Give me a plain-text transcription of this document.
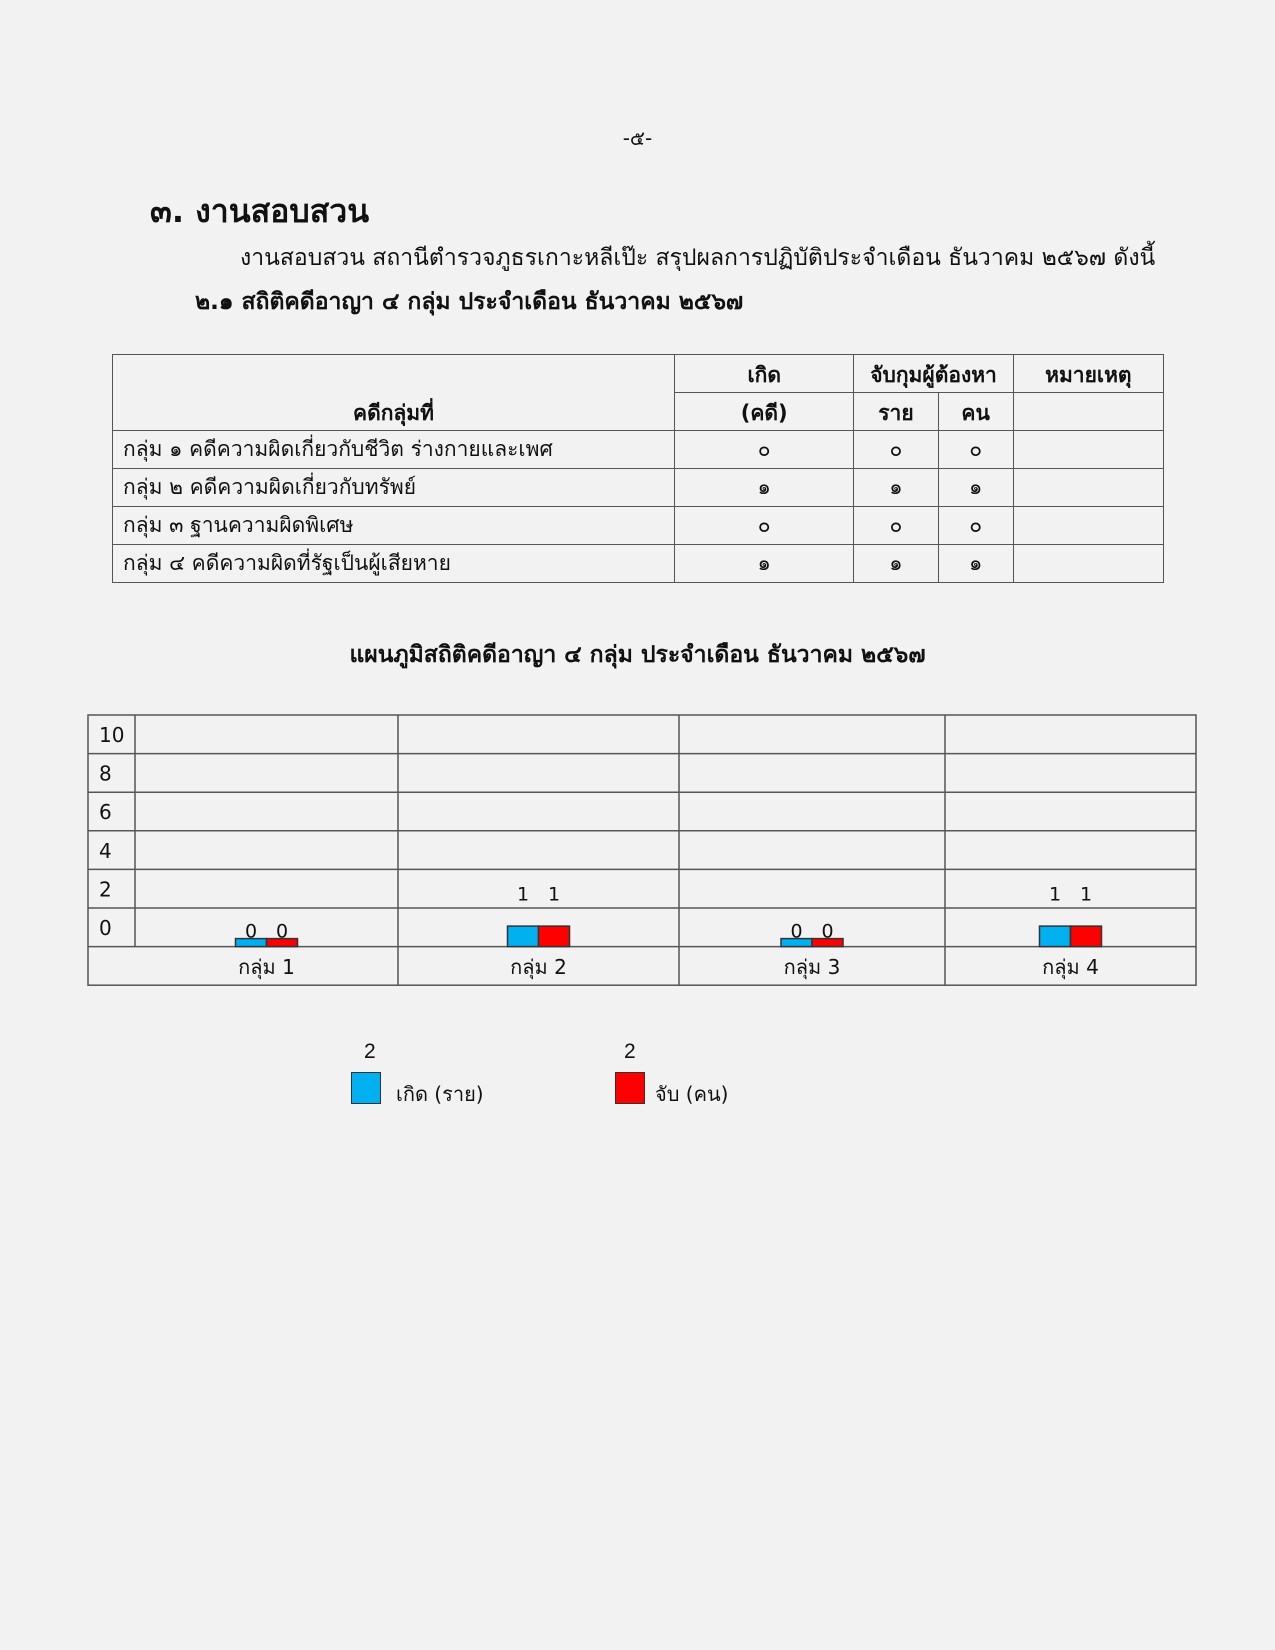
-๕-
๓. งานสอบสวน
งานสอบสวน สถานีตำรวจภูธรเกาะหลีเป๊ะ สรุปผลการปฏิบัติประจำเดือน ธันวาคม ๒๕๖๗ ดังนี้
๒.๑ สถิติคดีอาญา ๔ กลุ่ม ประจำเดือน ธันวาคม ๒๕๖๗
คดีกลุ่มที่	เกิด	จับกุมผู้ต้องหา		หมายเหตุ
	(คดี)	ราย	คน	
กลุ่ม ๑ คดีความผิดเกี่ยวกับชีวิต ร่างกายและเพศ	๐	๐	๐	
กลุ่ม ๒ คดีความผิดเกี่ยวกับทรัพย์	๑	๑	๑	
กลุ่ม ๓ ฐานความผิดพิเศษ	๐	๐	๐	
กลุ่ม ๔ คดีความผิดที่รัฐเป็นผู้เสียหาย	๑	๑	๑	
แผนภูมิสถิติคดีอาญา ๔ กลุ่ม ประจำเดือน ธันวาคม ๒๕๖๗
10
8
6
4
2
0
กลุ่ม 1	กลุ่ม 2	กลุ่ม 3	กลุ่ม 4
0 0
1 1
0 0
1 1
2
เกิด (ราย)
2
จับ (คน)
